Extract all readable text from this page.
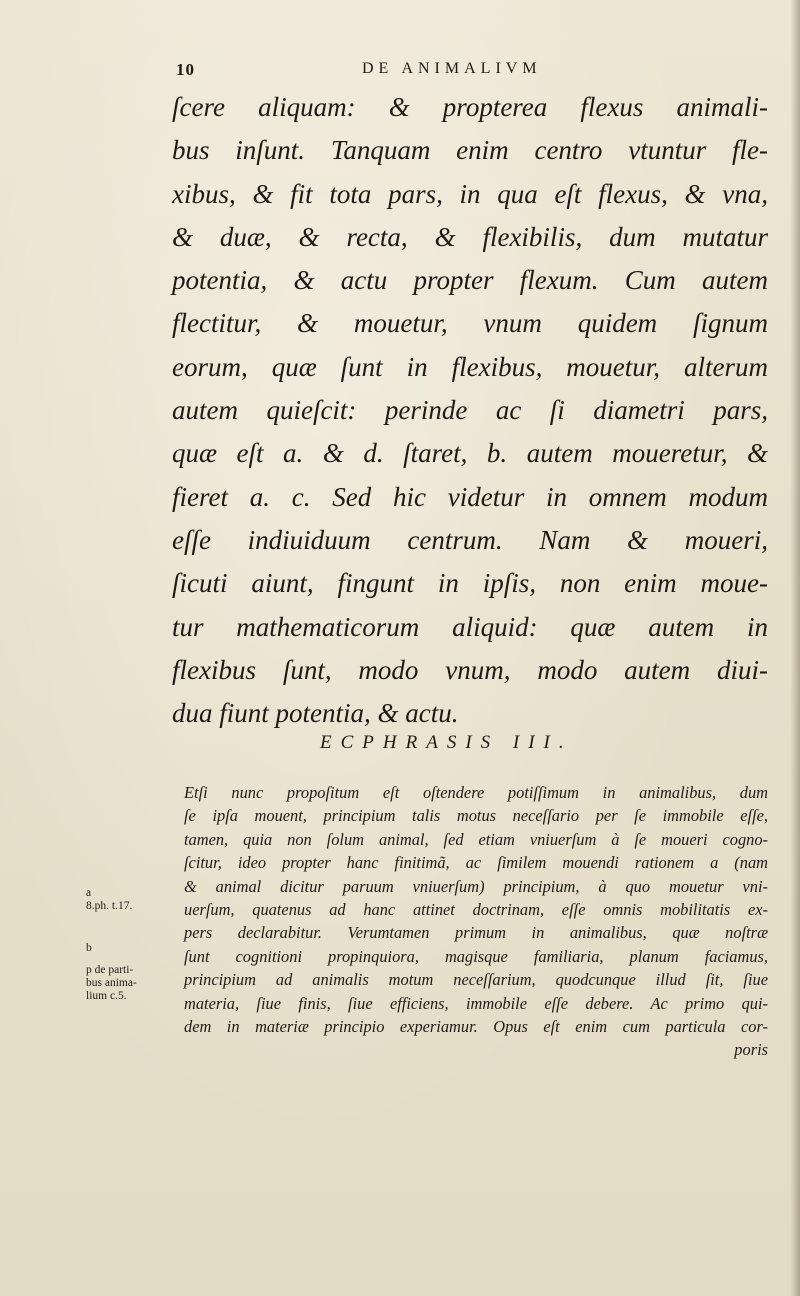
10	DE ANIMALIVM
ſcere aliquam: & propterea flexus animali-
bus inſunt. Tanquam enim centro vtuntur fle-
xibus, & fit tota pars, in qua eſt flexus, & vna,
& duæ, & recta, & flexibilis, dum mutatur
potentia, & actu propter flexum. Cum autem
flectitur, & mouetur, vnum quidem ſignum
eorum, quæ ſunt in flexibus, mouetur, alterum
autem quieſcit: perinde ac ſi diametri pars,
quæ eſt a. & d. ſtaret, b. autem moueretur, &
fieret a. c. Sed hic videtur in omnem modum
eſſe indiuiduum centrum. Nam & moueri,
ſicuti aiunt, fingunt in ipſis, non enim moue-
tur mathematicorum aliquid: quæ autem in
flexibus ſunt, modo vnum, modo autem diui-
dua fiunt potentia, & actu.
ECPHRASIS III.
Etſi nunc propoſitum eſt oſtendere potiſſimum in animalibus, dum
ſe ipſa mouent, principium talis motus neceſſario per ſe immobile eſſe,
tamen, quia non ſolum animal, ſed etiam vniuerſum à ſe moueri cogno-
ſcitur, ideo propter hanc finitimã, ac ſimilem mouendi rationem a (nam
& animal dicitur paruum vniuerſum) principium, à quo mouetur vni-
uerſum, quatenus ad hanc attinet doctrinam, eſſe omnis mobilitatis ex-
pers declarabitur. Verumtamen primum in animalibus, quæ noſtræ
ſunt cognitioni propinquiora, magisque familiaria, planum faciamus,
principium ad animalis motum neceſſarium, quodcunque illud ſit, ſiue
materia, ſiue finis, ſiue efficiens, immobile eſſe debere. Ac primo qui-
dem in materiæ principio experiamur. Opus eſt enim cum particula cor-
poris
a
8.ph. t.17.
b
p de parti-
bus anima-
lium c.5.
